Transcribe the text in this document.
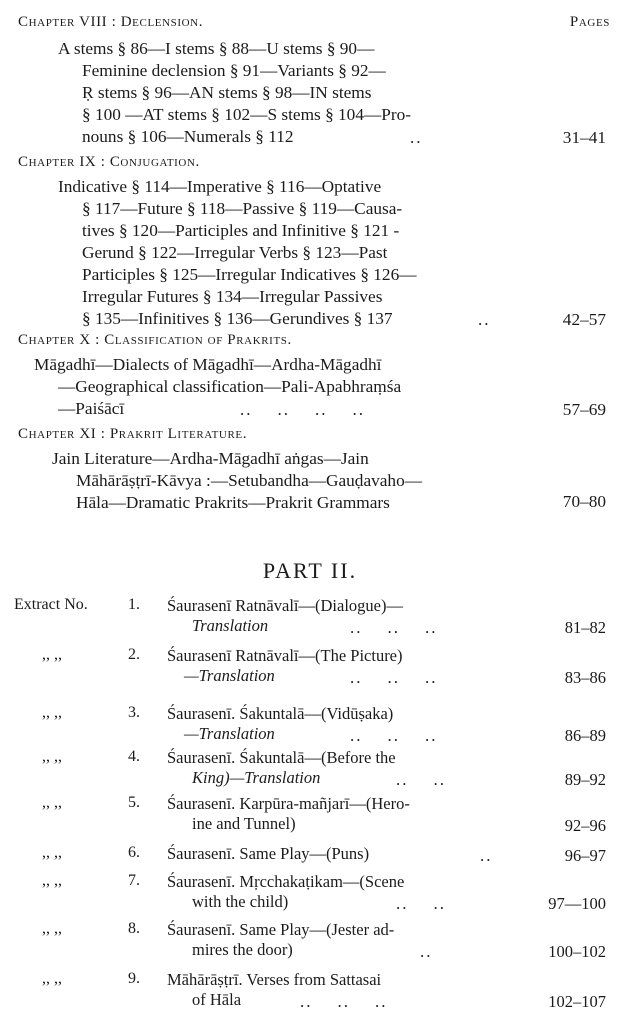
Pages
Chapter VIII : Declension.
A stems § 86—I stems § 88—U stems § 90—
Feminine declension § 91—Variants § 92—
Ṛ stems § 96—AN stems § 98—IN stems
§ 100 —AT stems § 102—S stems § 104—Pro-
nouns § 106—Numerals § 112	..	31–41
Chapter IX : Conjugation.
Indicative § 114—Imperative § 116—Optative
§ 117—Future § 118—Passive § 119—Causa-
tives § 120—Participles and Infinitive § 121 -
Gerund § 122—Irregular Verbs § 123—Past
Participles § 125—Irregular Indicatives § 126—
Irregular Futures § 134—Irregular Passives
§ 135—Infinitives § 136—Gerundives § 137	..	42–57
Chapter X : Classification of Prakrits.
Māgadhī—Dialects of Māgadhī—Ardha-Māgadhī
—Geographical classification—Pali-Apabhraṃśa
—Paiśācī	..    ..    ..    ..	57–69
Chapter XI : Prakrit Literature.
Jain Literature—Ardha-Māgadhī aṅgas—Jain
Māhārāṣṭrī-Kāvya :—Setubandha—Gauḍavaho—
Hāla—Dramatic Prakrits—Prakrit Grammars	70–80
PART II.
Extract No.	1. Śaurasenī Ratnāvalī—(Dialogue)—
Translation	..    ..    ..	81–82
,, ,,	2. Śaurasenī Ratnāvalī—(The Picture)
—Translation	..    ..    ..	83–86
,, ,,	3. Śaurasenī. Śakuntalā—(Vidūṣaka)
—Translation	..    ..    ..	86–89
,, ,,	4. Śaurasenī. Śakuntalā—(Before the
King)—Translation	..    ..	89–92
,, ,,	5. Śaurasenī. Karpūra-mañjarī—(Hero-
ine and Tunnel)	92–96
,, ,,	6. Śaurasenī. Same Play—(Puns)	..	96–97
,, ,,	7. Śaurasenī. Mṛcchakaṭikam—(Scene
with the child)	..    ..	97—100
,, ,,	8. Śaurasenī. Same Play—(Jester ad-
mires the door)	..	100–102
,, ,,	9. Māhārāṣṭrī. Verses from Sattasai
of Hāla	..    ..    ..	102–107
